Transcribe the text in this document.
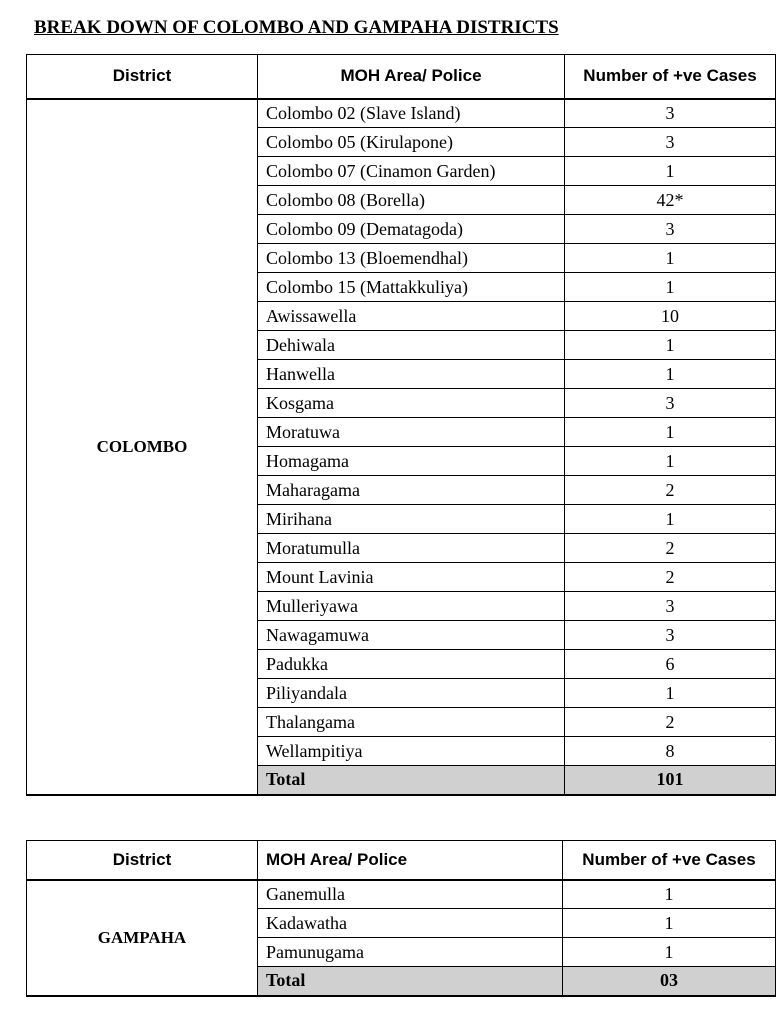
BREAK DOWN OF COLOMBO AND GAMPAHA DISTRICTS
District	MOH Area/ Police	Number of +ve Cases
COLOMBO	Colombo 02 (Slave Island)	3
	Colombo 05 (Kirulapone)	3
	Colombo 07 (Cinamon Garden)	1
	Colombo 08 (Borella)	42*
	Colombo 09 (Dematagoda)	3
	Colombo 13 (Bloemendhal)	1
	Colombo 15 (Mattakkuliya)	1
	Awissawella	10
	Dehiwala	1
	Hanwella	1
	Kosgama	3
	Moratuwa	1
	Homagama	1
	Maharagama	2
	Mirihana	1
	Moratumulla	2
	Mount Lavinia	2
	Mulleriyawa	3
	Nawagamuwa	3
	Padukka	6
	Piliyandala	1
	Thalangama	2
	Wellampitiya	8
	Total	101
District	MOH Area/ Police	Number of +ve Cases
GAMPAHA	Ganemulla	1
	Kadawatha	1
	Pamunugama	1
	Total	03
